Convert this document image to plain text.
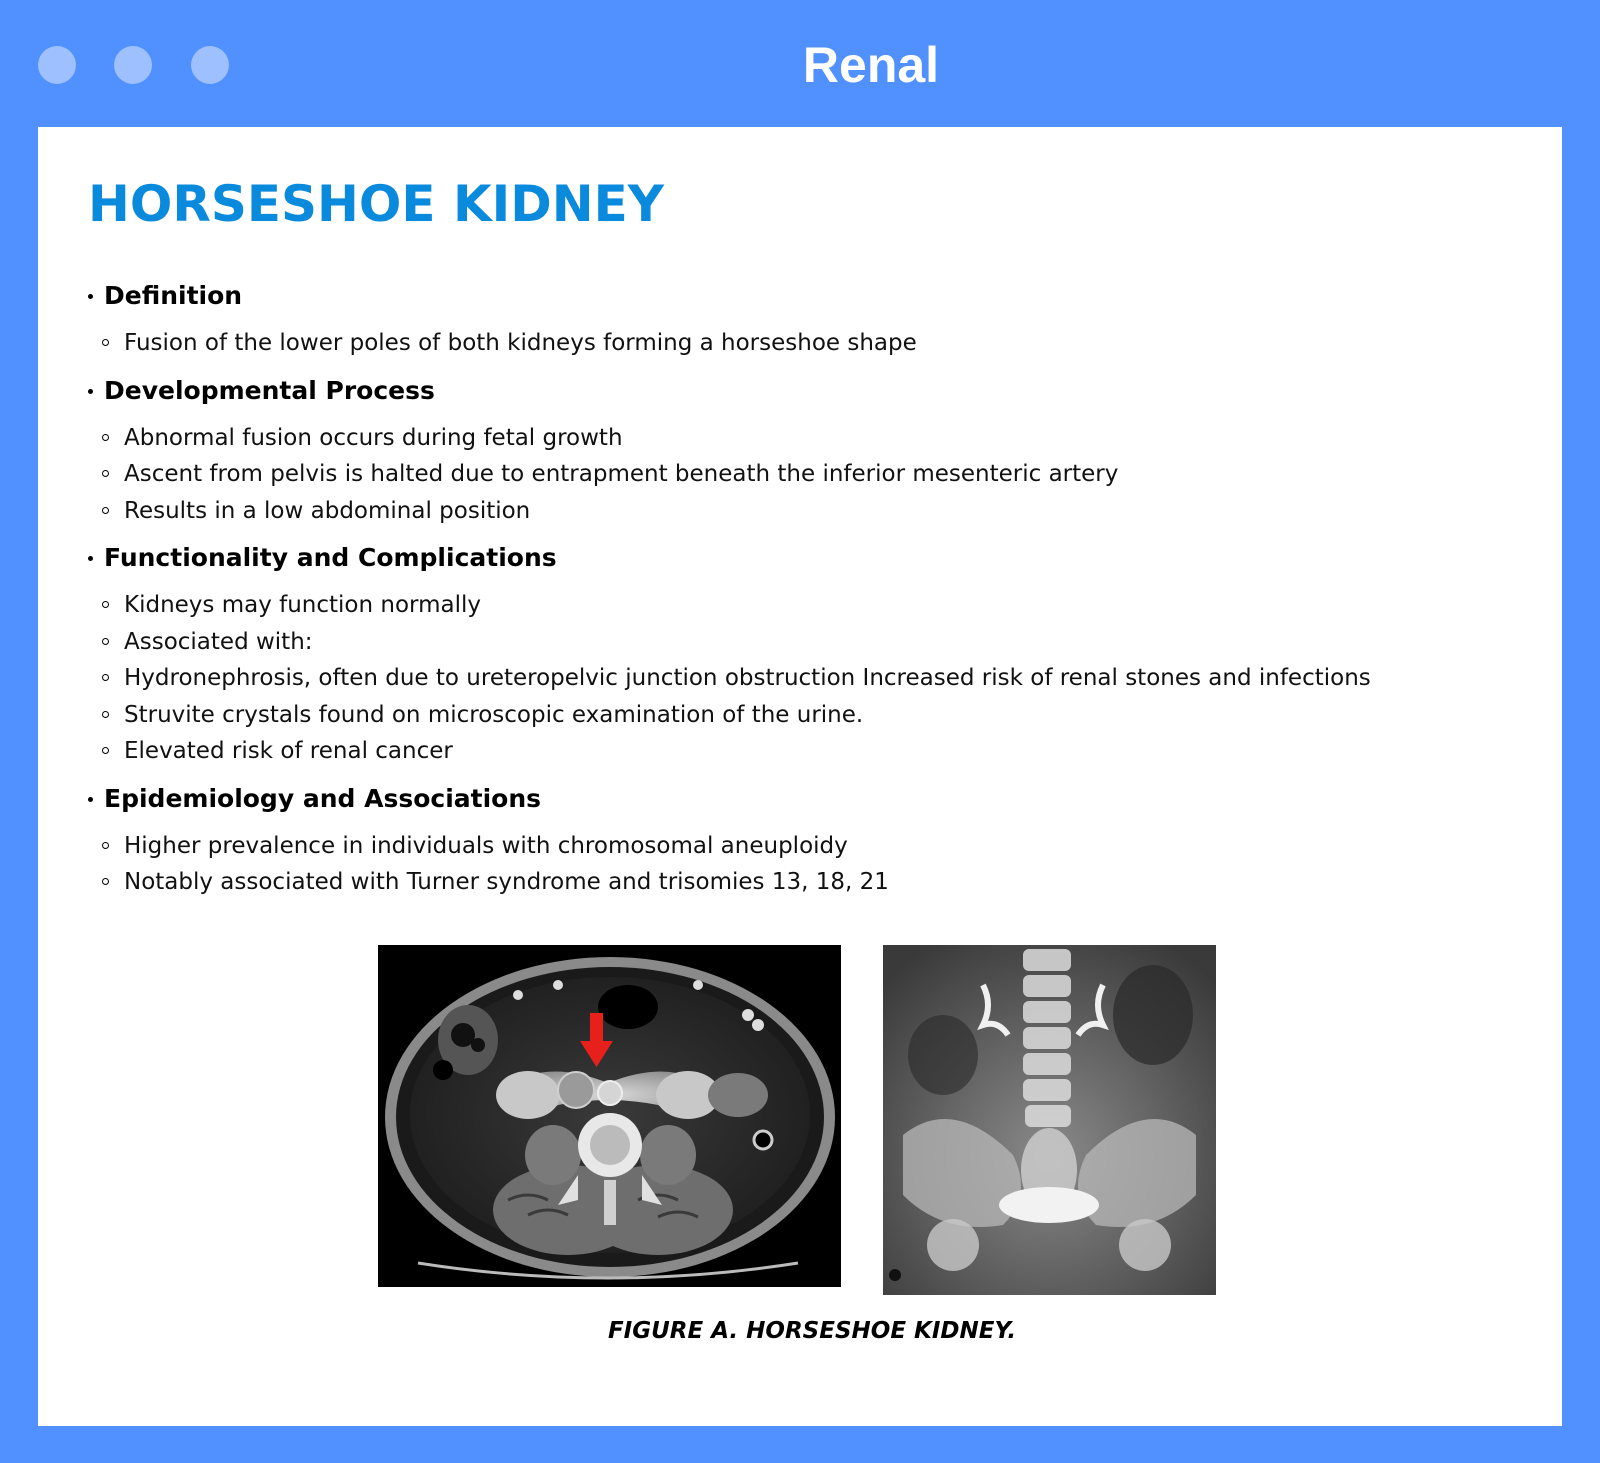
Renal
HORSESHOE KIDNEY
Definition
Fusion of the lower poles of both kidneys forming a horseshoe shape
Developmental Process
Abnormal fusion occurs during fetal growth
Ascent from pelvis is halted due to entrapment beneath the inferior mesenteric artery
Results in a low abdominal position
Functionality and Complications
Kidneys may function normally
Associated with:
Hydronephrosis, often due to ureteropelvic junction obstruction Increased risk of renal stones and infections
Struvite crystals found on microscopic examination of the urine.
Elevated risk of renal cancer
Epidemiology and Associations
Higher prevalence in individuals with chromosomal aneuploidy
Notably associated with Turner syndrome and trisomies 13, 18, 21
FIGURE A. HORSESHOE KIDNEY.
